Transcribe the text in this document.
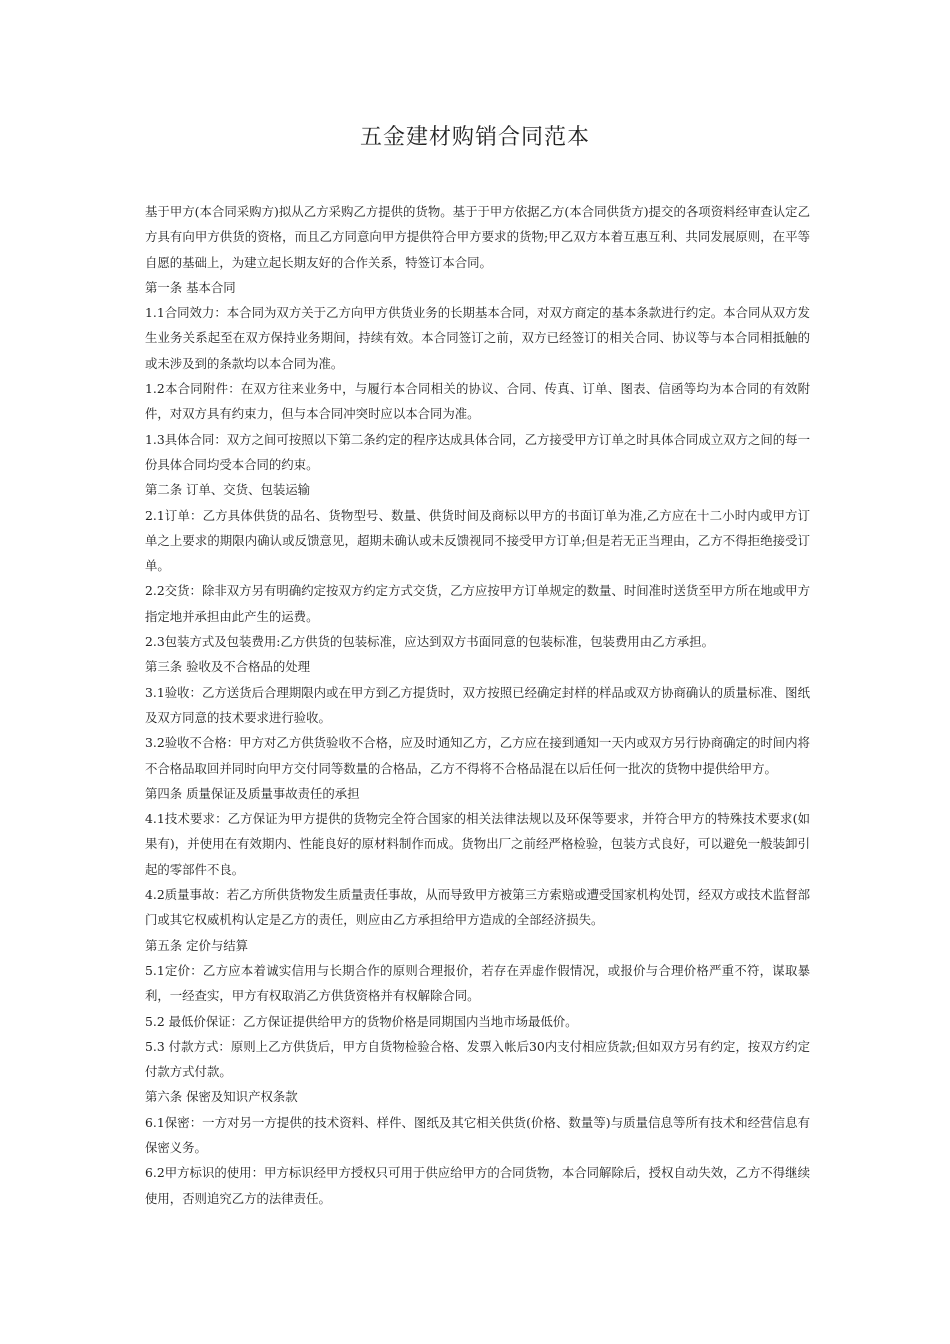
五金建材购销合同范本

基于甲方(本合同采购方)拟从乙方采购乙方提供的货物。基于于甲方依据乙方(本合同供货方)提交的各项资料经审查认定乙方具有向甲方供货的资格，而且乙方同意向甲方提供符合甲方要求的货物;甲乙双方本着互惠互利、共同发展原则，在平等自愿的基础上，为建立起长期友好的合作关系，特签订本合同。

第一条 基本合同

1.1合同效力：本合同为双方关于乙方向甲方供货业务的长期基本合同，对双方商定的基本条款进行约定。本合同从双方发生业务关系起至在双方保持业务期间，持续有效。本合同签订之前，双方已经签订的相关合同、协议等与本合同相抵触的或未涉及到的条款均以本合同为准。

1.2本合同附件：在双方往来业务中，与履行本合同相关的协议、合同、传真、订单、图表、信函等均为本合同的有效附件，对双方具有约束力，但与本合同冲突时应以本合同为准。

1.3具体合同：双方之间可按照以下第二条约定的程序达成具体合同，乙方接受甲方订单之时具体合同成立双方之间的每一份具体合同均受本合同的约束。

第二条 订单、交货、包装运输

2.1订单：乙方具体供货的品名、货物型号、数量、供货时间及商标以甲方的书面订单为准,乙方应在十二小时内或甲方订单之上要求的期限内确认或反馈意见，超期未确认或未反馈视同不接受甲方订单;但是若无正当理由，乙方不得拒绝接受订单。

2.2交货：除非双方另有明确约定按双方约定方式交货，乙方应按甲方订单规定的数量、时间准时送货至甲方所在地或甲方指定地并承担由此产生的运费。

2.3包装方式及包装费用:乙方供货的包装标准，应达到双方书面同意的包装标准，包装费用由乙方承担。

第三条 验收及不合格品的处理

3.1验收：乙方送货后合理期限内或在甲方到乙方提货时，双方按照已经确定封样的样品或双方协商确认的质量标准、图纸及双方同意的技术要求进行验收。

3.2验收不合格：甲方对乙方供货验收不合格，应及时通知乙方，乙方应在接到通知一天内或双方另行协商确定的时间内将不合格品取回并同时向甲方交付同等数量的合格品，乙方不得将不合格品混在以后任何一批次的货物中提供给甲方。

第四条 质量保证及质量事故责任的承担

4.1技术要求：乙方保证为甲方提供的货物完全符合国家的相关法律法规以及环保等要求，并符合甲方的特殊技术要求(如果有)，并使用在有效期内、性能良好的原材料制作而成。货物出厂之前经严格检验，包装方式良好，可以避免一般装卸引起的零部件不良。

4.2质量事故：若乙方所供货物发生质量责任事故，从而导致甲方被第三方索赔或遭受国家机构处罚，经双方或技术监督部门或其它权威机构认定是乙方的责任，则应由乙方承担给甲方造成的全部经济损失。

第五条 定价与结算

5.1定价：乙方应本着诚实信用与长期合作的原则合理报价，若存在弄虚作假情况，或报价与合理价格严重不符，谋取暴利，一经查实，甲方有权取消乙方供货资格并有权解除合同。

5.2 最低价保证：乙方保证提供给甲方的货物价格是同期国内当地市场最低价。

5.3 付款方式：原则上乙方供货后，甲方自货物检验合格、发票入帐后30内支付相应货款;但如双方另有约定，按双方约定付款方式付款。

第六条 保密及知识产权条款

6.1保密：一方对另一方提供的技术资料、样件、图纸及其它相关供货(价格、数量等)与质量信息等所有技术和经营信息有保密义务。

6.2甲方标识的使用：甲方标识经甲方授权只可用于供应给甲方的合同货物，本合同解除后，授权自动失效，乙方不得继续使用，否则追究乙方的法律责任。
